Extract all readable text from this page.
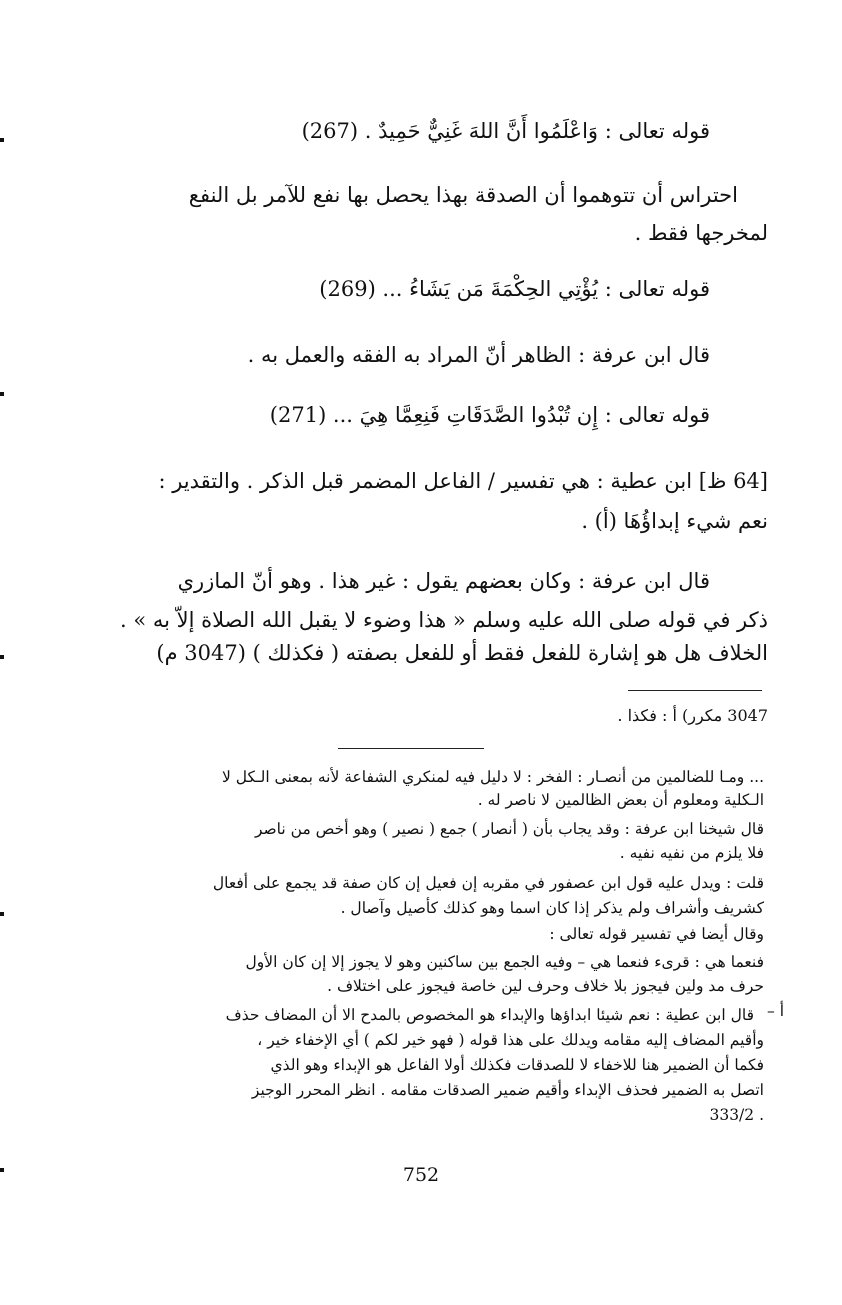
قوله تعالى : وَاعْلَمُوا أَنَّ اللهَ غَنِيٌّ حَمِيدٌ . (267)
احتراس أن تتوهموا أن الصدقة بهذا يحصل بها نفع للآمر بل النفع
لمخرجها فقط .
قوله تعالى : يُؤْتِي الحِكْمَةَ مَن يَشَاءُ ... (269)
قال ابن عرفة : الظاهر أنّ المراد به الفقه والعمل به .
قوله تعالى : إِن تُبْدُوا الصَّدَقَاتِ فَنِعِمَّا هِيَ ... (271)
[64 ظ] ابن عطية : هي تفسير / الفاعل المضمر قبل الذكر . والتقدير :
نعم شيء إبداؤُهَا (أ) .
قال ابن عرفة : وكان بعضهم يقول : غير هذا . وهو أنّ المازري
ذكر في قوله صلى الله عليه وسلم « هذا وضوء لا يقبل الله الصلاة إلاّ به » .
الخلاف هل هو إشارة للفعل فقط أو للفعل بصفته ( فكذلك ) (3047 م)
3047 مكرر) أ : فكذا .
أ –
... ومـا للضالمين من أنصـار : الفخر : لا دليل فيه لمنكري الشفاعة لأنه بمعنى الـكل لا
الـكلية ومعلوم أن بعض الظالمين لا ناصر له .
قال شيخنا ابن عرفة : وقد يجاب بأن ( أنصار ) جمع ( نصير ) وهو أخص من ناصر
فلا يلزم من نفيه نفيه .
قلت : ويدل عليه قول ابن عصفور في مقربه إن فعيل إن كان صفة قد يجمع على أفعال
كشريف وأشراف ولم يذكر إذا كان اسما وهو كذلك كأصيل وآصال .
وقال أيضا في تفسير قوله تعالى :
فنعما هي : قرىء فنعما هي – وفيه الجمع بين ساكنين وهو لا يجوز إلا إن كان الأول
حرف مد ولين فيجوز بلا خلاف وحرف لين خاصة فيجوز على اختلاف .
قال ابن عطية : نعم شيئا ابداؤها والإبداء هو المخصوص بالمدح الا أن المضاف حذف
وأقيم المضاف إليه مقامه ويدلك على هذا قوله ( فهو خير لكم ) أي الإخفاء خير ،
فكما أن الضمير هنا للاخفاء لا للصدقات فكذلك أولا الفاعل هو الإبداء وهو الذي
اتصل به الضمير فحذف الإبداء وأقيم ضمير الصدقات مقامه . انظر المحرر الوجيز
. 333/2
752
